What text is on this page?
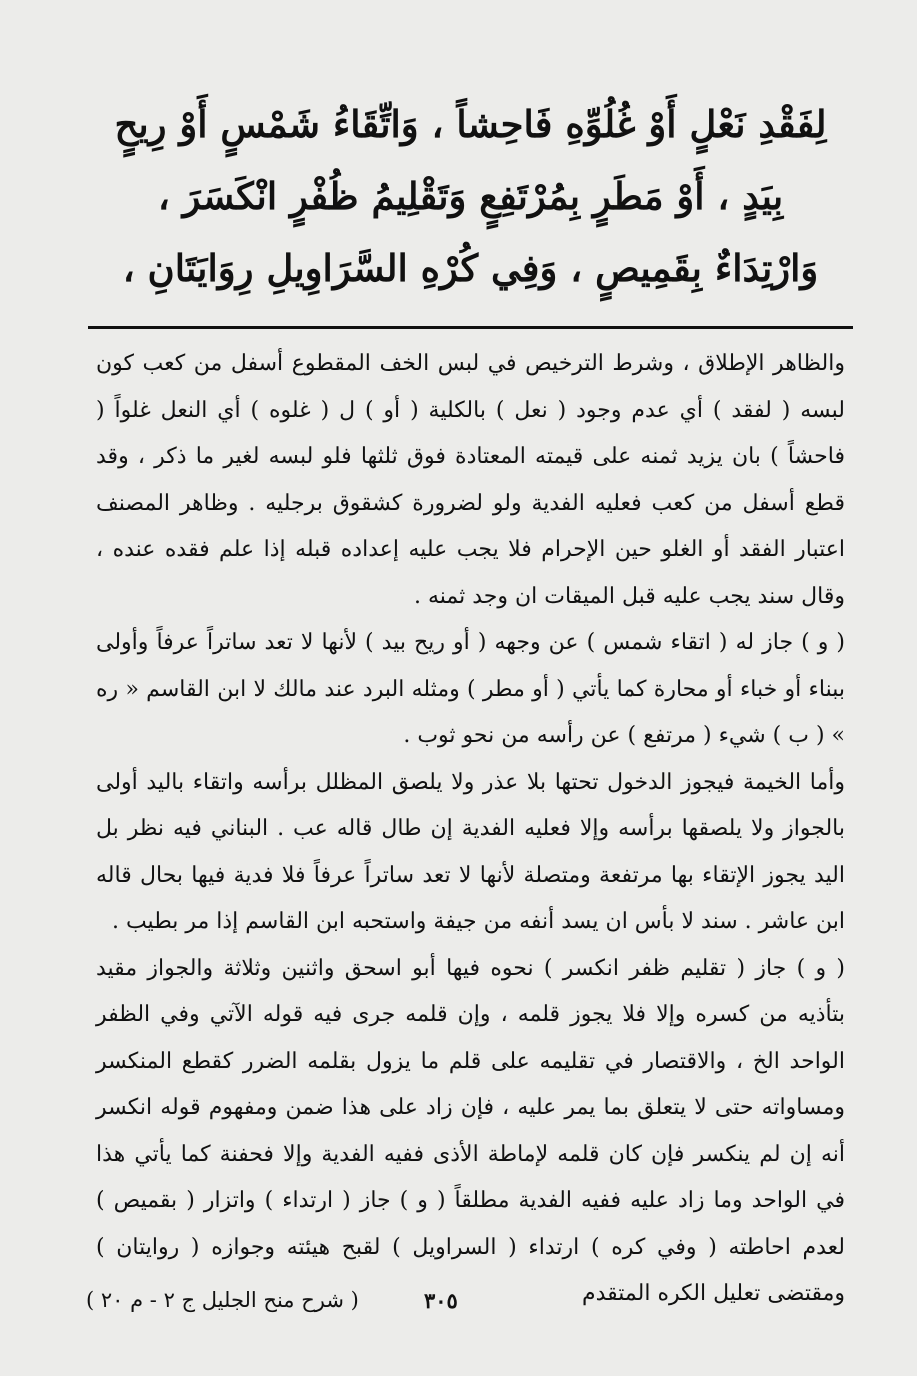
لِفَقْدِ نَعْلٍ أَوْ غُلُوِّهِ فَاحِشاً ، وَاتِّقَاءُ شَمْسٍ أَوْ رِيحٍ بِيَدٍ ، أَوْ مَطَرٍ بِمُرْتَفِعٍ وَتَقْلِيمُ ظُفْرٍ انْكَسَرَ ، وَارْتِدَاءٌ بِقَمِيصٍ ، وَفِي كُرْهِ السَّرَاوِيلِ رِوَايَتَانِ ،

والظاهر الإطلاق ، وشرط الترخيص في لبس الخف المقطوع أسفل من كعب كون لبسه ( لفقد ) أي عدم وجود ( نعل ) بالكلية ( أو ) ل ( غلوه ) أي النعل غلواً ( فاحشاً ) بان يزيد ثمنه على قيمته المعتادة فوق ثلثها فلو لبسه لغير ما ذكر ، وقد قطع أسفل من كعب فعليه الفدية ولو لضرورة كشقوق برجليه . وظاهر المصنف اعتبار الفقد أو الغلو حين الإحرام فلا يجب عليه إعداده قبله إذا علم فقده عنده ، وقال سند يجب عليه قبل الميقات ان وجد ثمنه .

( و ) جاز له ( اتقاء شمس ) عن وجهه ( أو ريح بيد ) لأنها لا تعد ساتراً عرفاً وأولى ببناء أو خباء أو محارة كما يأتي ( أو مطر ) ومثله البرد عند مالك لا ابن القاسم « ره » ( ب ) شيء ( مرتفع ) عن رأسه من نحو ثوب .

وأما الخيمة فيجوز الدخول تحتها بلا عذر ولا يلصق المظلل برأسه واتقاء باليد أولى بالجواز ولا يلصقها برأسه وإلا فعليه الفدية إن طال قاله عب . البناني فيه نظر بل اليد يجوز الإتقاء بها مرتفعة ومتصلة لأنها لا تعد ساتراً عرفاً فلا فدية فيها بحال قاله ابن عاشر . سند لا بأس ان يسد أنفه من جيفة واستحبه ابن القاسم إذا مر بطيب .

( و ) جاز ( تقليم ظفر انكسر ) نحوه فيها أبو اسحق واثنين وثلاثة والجواز مقيد بتأذيه من كسره وإلا فلا يجوز قلمه ، وإن قلمه جرى فيه قوله الآتي وفي الظفر الواحد الخ ، والاقتصار في تقليمه على قلم ما يزول بقلمه الضرر كقطع المنكسر ومساواته حتى لا يتعلق بما يمر عليه ، فإن زاد على هذا ضمن ومفهوم قوله انكسر أنه إن لم ينكسر فإن كان قلمه لإماطة الأذى ففيه الفدية وإلا فحفنة كما يأتي هذا في الواحد وما زاد عليه ففيه الفدية مطلقاً ( و ) جاز ( ارتداء ) واتزار ( بقميص ) لعدم احاطته ( وفي كره ) ارتداء ( السراويل ) لقبح هيئته وجوازه ( روايتان ) ومقتضى تعليل الكره المتقدم

٣٠٥
( شرح منح الجليل ج ٢ - م ٢٠ )
